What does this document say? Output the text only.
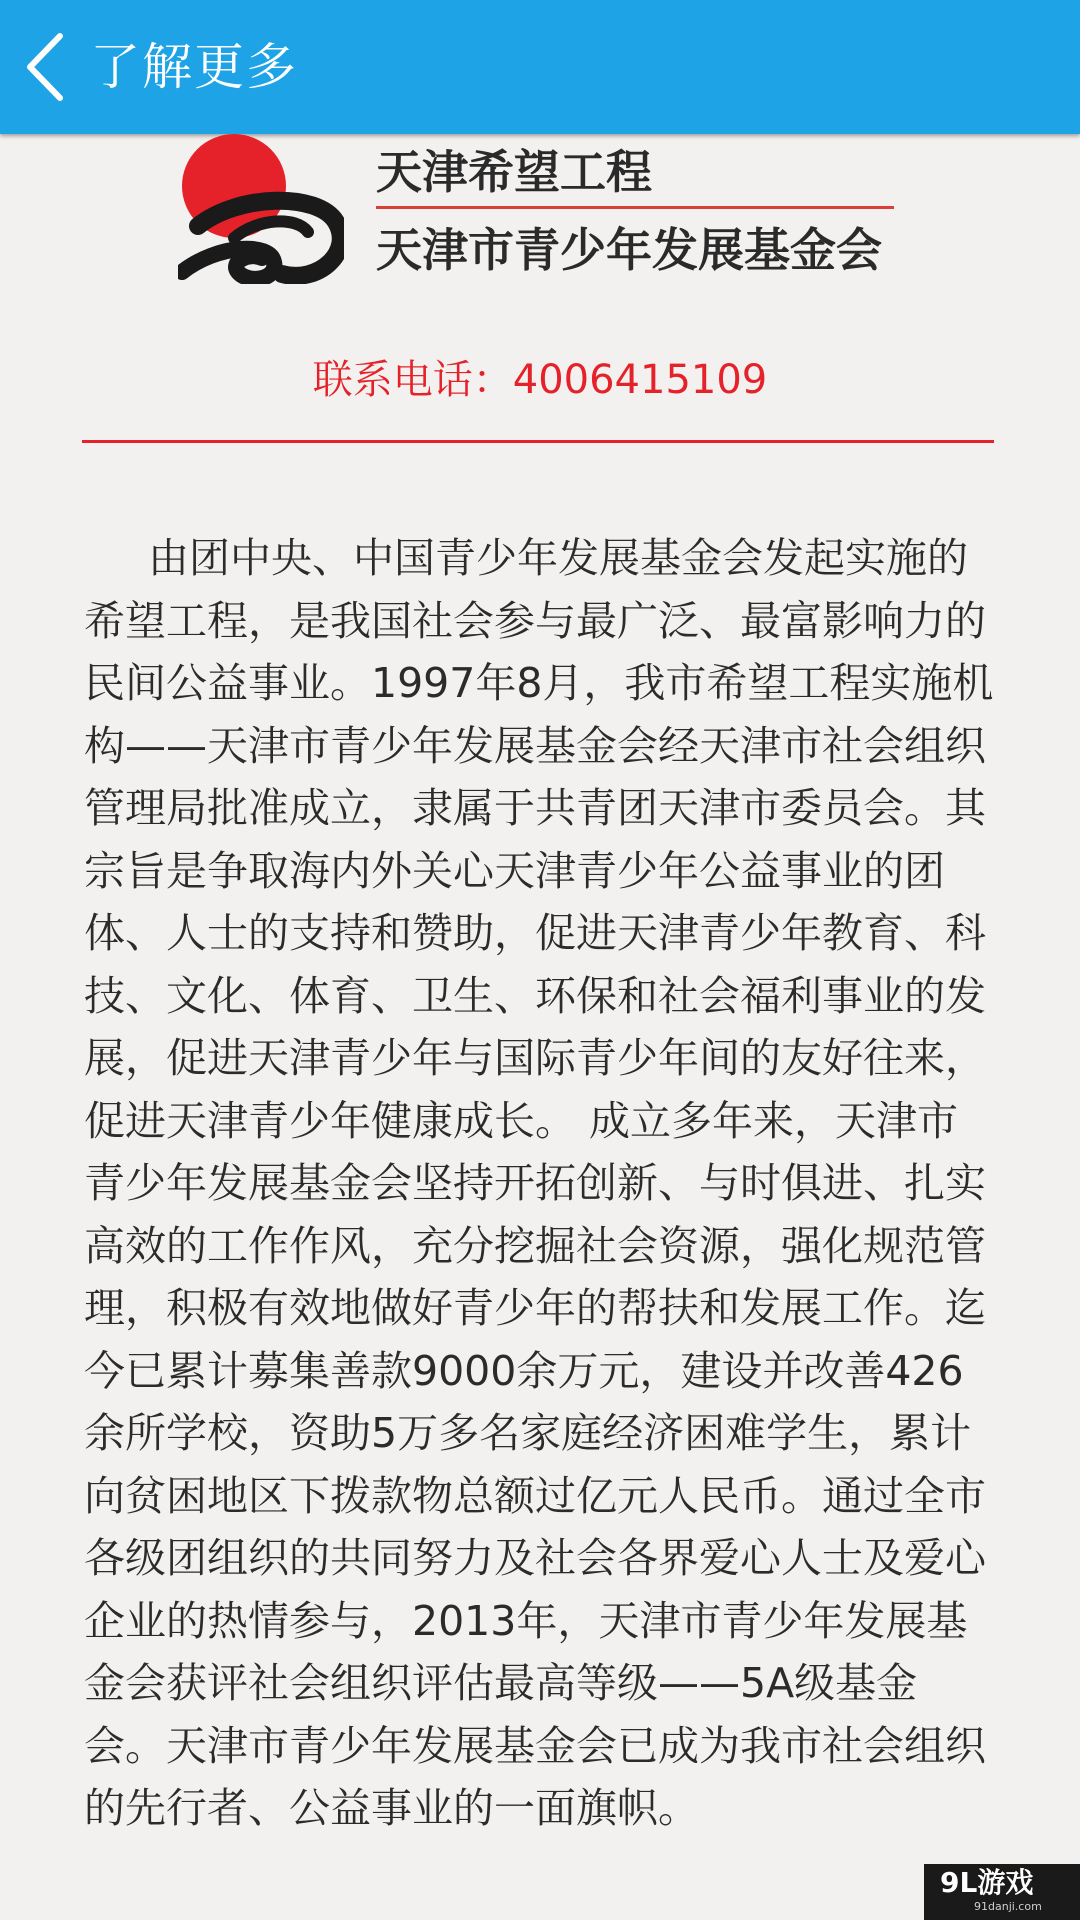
了解更多
天津希望工程
天津市青少年发展基金会
联系电话：4006415109
由团中央、中国青少年发展基金会发起实施的希望工程，是我国社会参与最广泛、最富影响力的民间公益事业。1997年8月，我市希望工程实施机构——天津市青少年发展基金会经天津市社会组织管理局批准成立，隶属于共青团天津市委员会。其宗旨是争取海内外关心天津青少年公益事业的团体、人士的支持和赞助，促进天津青少年教育、科技、文化、体育、卫生、环保和社会福利事业的发展，促进天津青少年与国际青少年间的友好往来，促进天津青少年健康成长。 成立多年来，天津市青少年发展基金会坚持开拓创新、与时俱进、扎实高效的工作作风，充分挖掘社会资源，强化规范管理，积极有效地做好青少年的帮扶和发展工作。迄今已累计募集善款9000余万元，建设并改善426余所学校，资助5万多名家庭经济困难学生，累计向贫困地区下拨款物总额过亿元人民币。通过全市各级团组织的共同努力及社会各界爱心人士及爱心企业的热情参与，2013年，天津市青少年发展基金会获评社会组织评估最高等级——5A级基金会。天津市青少年发展基金会已成为我市社会组织的先行者、公益事业的一面旗帜。
9L游戏
91danji.com
